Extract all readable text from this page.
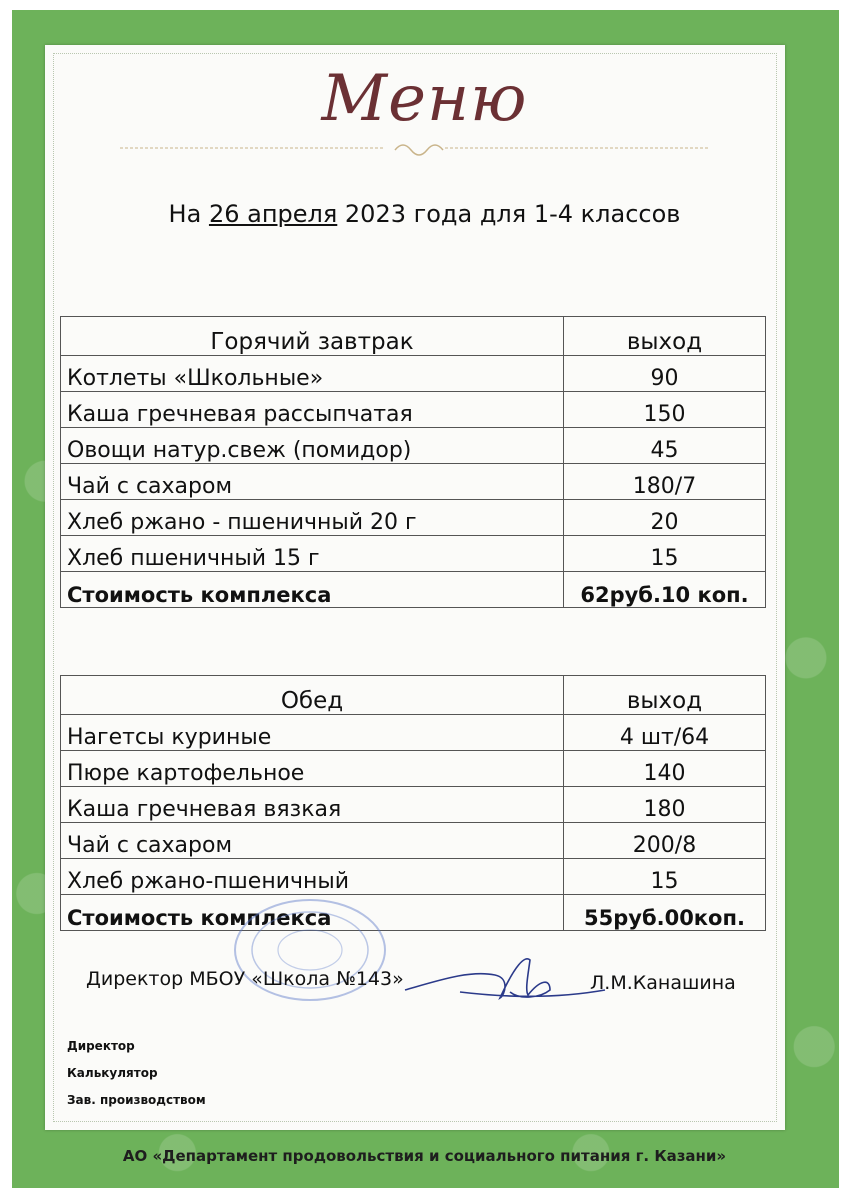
Меню
На 26 апреля 2023 года для 1-4 классов
Горячий завтрак	выход
Котлеты «Школьные»	90
Каша гречневая рассыпчатая	150
Овощи натур.свеж (помидор)	45
Чай с сахаром	180/7
Хлеб ржано - пшеничный 20 г	20
Хлеб пшеничный 15 г	15
Стоимость комплекса	62руб.10 коп.
Обед	выход
Нагетсы куриные	4 шт/64
Пюре картофельное	140
Каша гречневая вязкая	180
Чай с сахаром	200/8
Хлеб ржано-пшеничный	15
Стоимость комплекса	55руб.00коп.
Директор МБОУ «Школа №143»	Л.М.Канашина
Директор
Калькулятор
Зав. производством
АО «Департамент продовольствия и социального питания г. Казани»
